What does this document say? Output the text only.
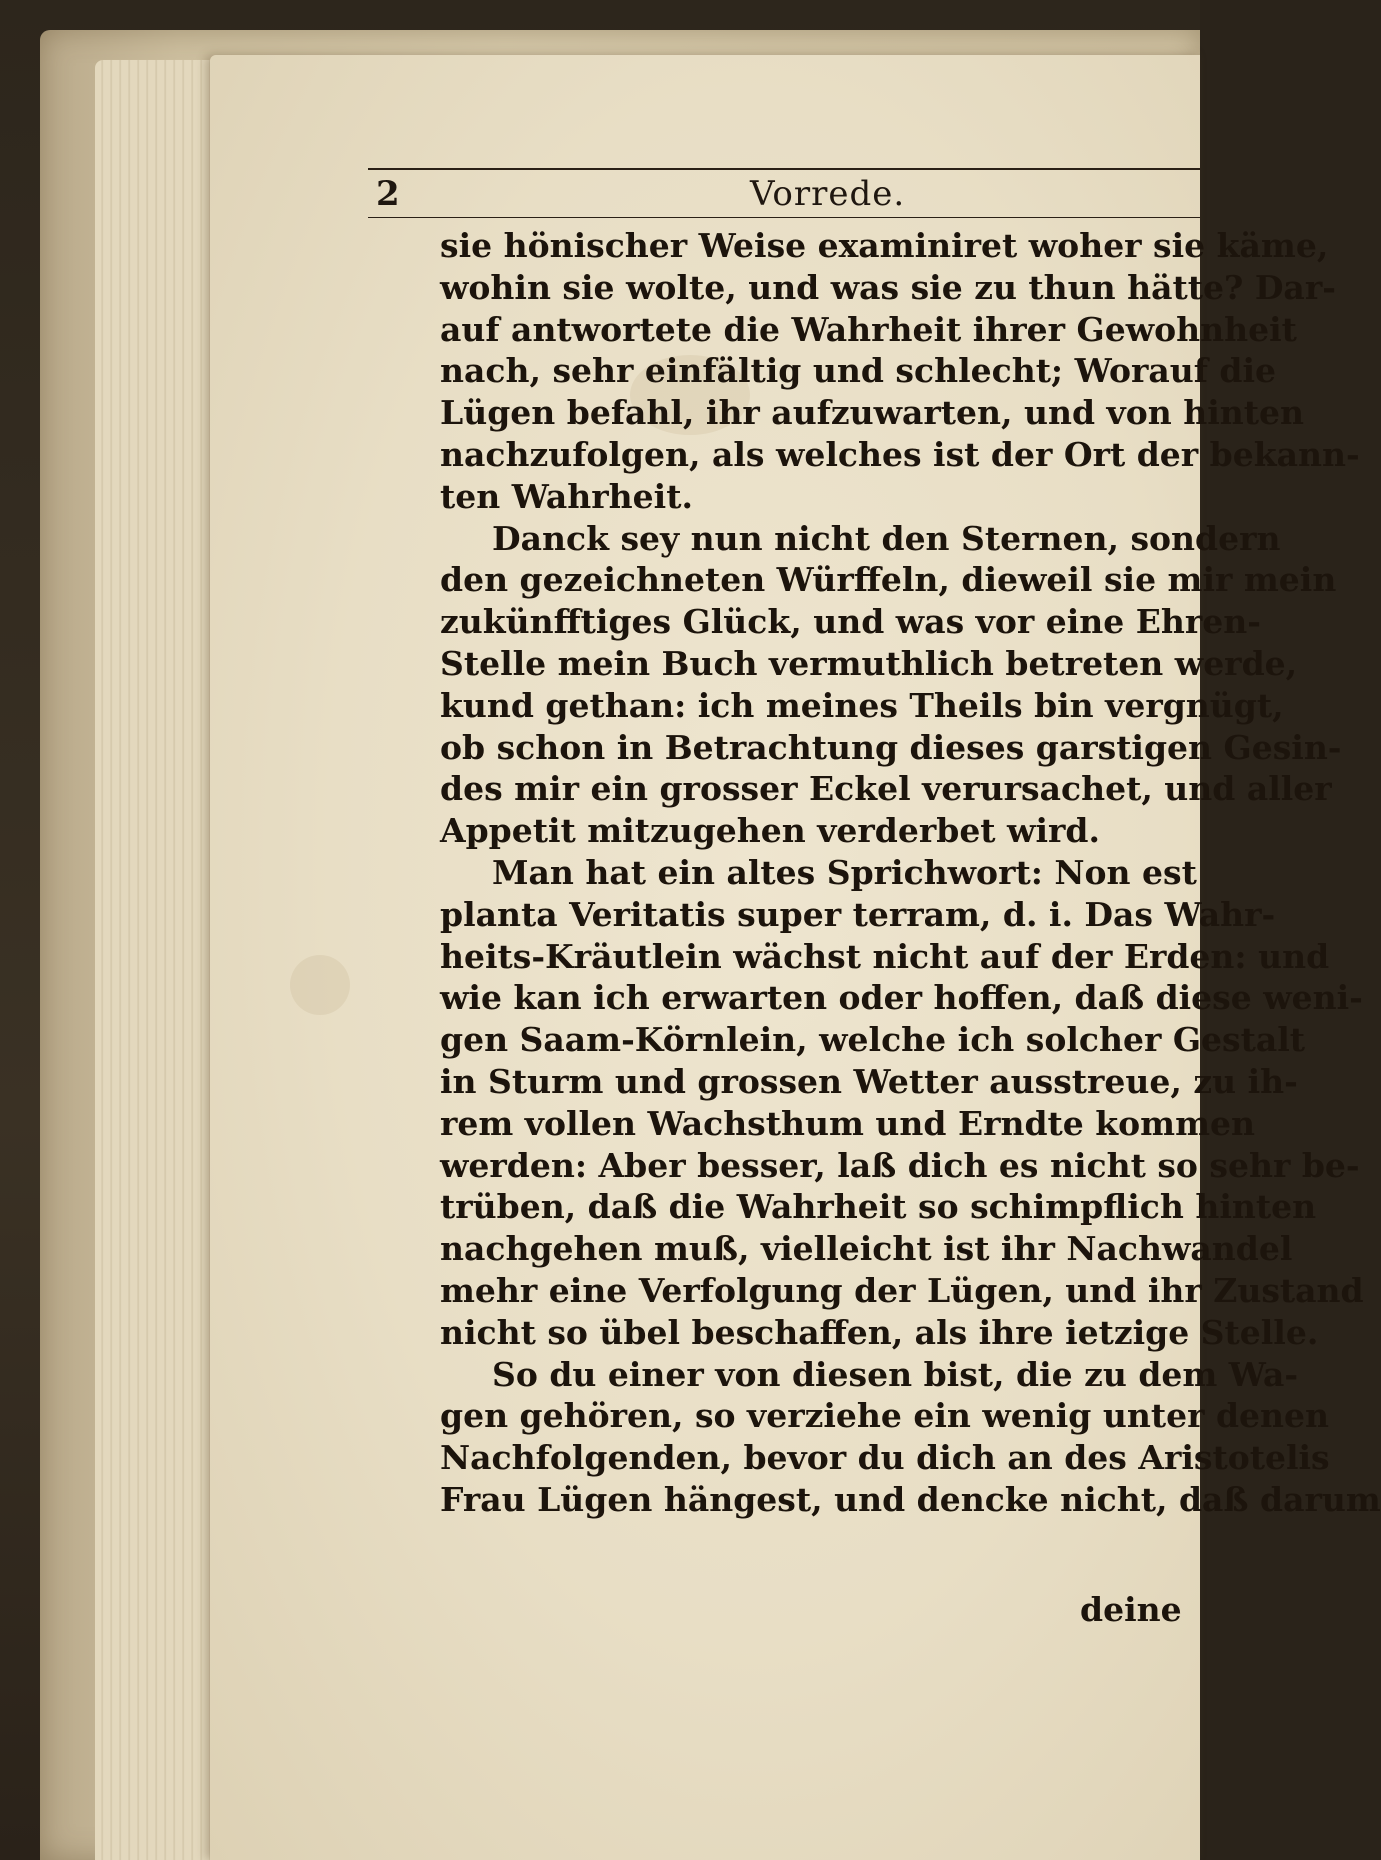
2	Vorrede.
sie hönischer Weise examiniret woher sie käme,
wohin sie wolte, und was sie zu thun hätte? Dar-
auf antwortete die Wahrheit ihrer Gewohnheit
nach, sehr einfältig und schlecht; Worauf die
Lügen befahl, ihr aufzuwarten, und von hinten
nachzufolgen, als welches ist der Ort der bekann-
ten Wahrheit.
Danck sey nun nicht den Sternen, sondern
den gezeichneten Würffeln, dieweil sie mir mein
zukünfftiges Glück, und was vor eine Ehren-
Stelle mein Buch vermuthlich betreten werde,
kund gethan: ich meines Theils bin vergnügt,
ob schon in Betrachtung dieses garstigen Gesin-
des mir ein grosser Eckel verursachet, und aller
Appetit mitzugehen verderbet wird.
Man hat ein altes Sprichwort: Non est
planta Veritatis super terram, d. i. Das Wahr-
heits-Kräutlein wächst nicht auf der Erden: und
wie kan ich erwarten oder hoffen, daß diese weni-
gen Saam-Körnlein, welche ich solcher Gestalt
in Sturm und grossen Wetter ausstreue, zu ih-
rem vollen Wachsthum und Erndte kommen
werden: Aber besser, laß dich es nicht so sehr be-
trüben, daß die Wahrheit so schimpflich hinten
nachgehen muß, vielleicht ist ihr Nachwandel
mehr eine Verfolgung der Lügen, und ihr Zustand
nicht so übel beschaffen, als ihre ietzige Stelle.
So du einer von diesen bist, die zu dem Wa-
gen gehören, so verziehe ein wenig unter denen
Nachfolgenden, bevor du dich an des Aristotelis
Frau Lügen hängest, und dencke nicht, daß darum
deine
